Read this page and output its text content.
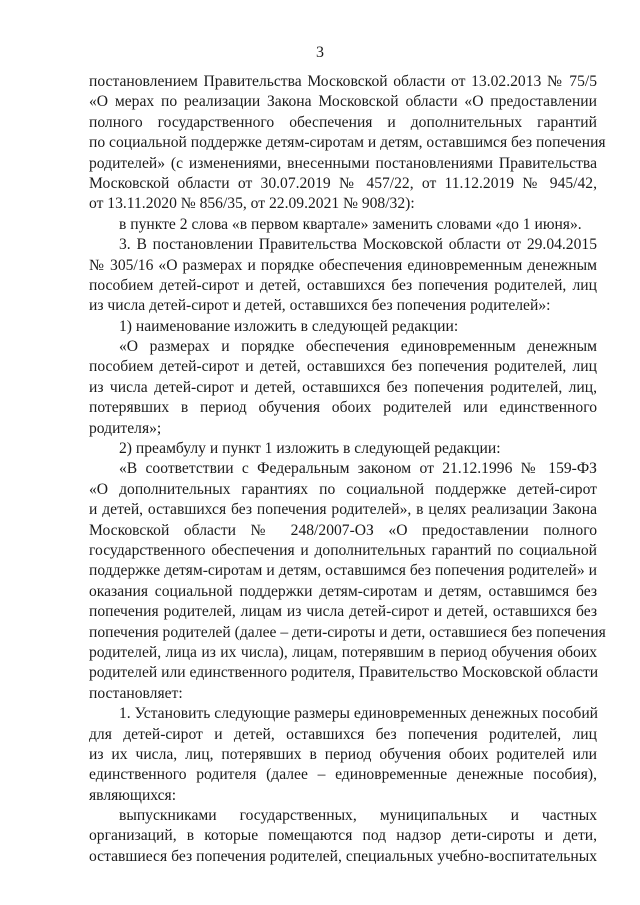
3
постановлением Правительства Московской области от 13.02.2013 № 75/5
«О мерах по реализации Закона Московской области «О предоставлении
полного государственного обеспечения и дополнительных гарантий
по социальной поддержке детям-сиротам и детям, оставшимся без попечения
родителей» (с изменениями, внесенными постановлениями Правительства
Московской области от 30.07.2019 № 457/22, от 11.12.2019 № 945/42,
от 13.11.2020 № 856/35, от 22.09.2021 № 908/32):
в пункте 2 слова «в первом квартале» заменить словами «до 1 июня».
3. В постановлении Правительства Московской области от 29.04.2015
№ 305/16 «О размерах и порядке обеспечения единовременным денежным
пособием детей-сирот и детей, оставшихся без попечения родителей, лиц
из числа детей-сирот и детей, оставшихся без попечения родителей»:
1) наименование изложить в следующей редакции:
«О размерах и порядке обеспечения единовременным денежным
пособием детей-сирот и детей, оставшихся без попечения родителей, лиц
из числа детей-сирот и детей, оставшихся без попечения родителей, лиц,
потерявших в период обучения обоих родителей или единственного
родителя»;
2) преамбулу и пункт 1 изложить в следующей редакции:
«В соответствии с Федеральным законом от 21.12.1996 № 159-ФЗ
«О дополнительных гарантиях по социальной поддержке детей-сирот
и детей, оставшихся без попечения родителей», в целях реализации Закона
Московской области № 248/2007-ОЗ «О предоставлении полного
государственного обеспечения и дополнительных гарантий по социальной
поддержке детям-сиротам и детям, оставшимся без попечения родителей» и
оказания социальной поддержки детям-сиротам и детям, оставшимся без
попечения родителей, лицам из числа детей-сирот и детей, оставшихся без
попечения родителей (далее – дети-сироты и дети, оставшиеся без попечения
родителей, лица из их числа), лицам, потерявшим в период обучения обоих
родителей или единственного родителя, Правительство Московской области
постановляет:
1. Установить следующие размеры единовременных денежных пособий
для детей-сирот и детей, оставшихся без попечения родителей, лиц
из их числа, лиц, потерявших в период обучения обоих родителей или
единственного родителя (далее – единовременные денежные пособия),
являющихся:
выпускниками государственных, муниципальных и частных
организаций, в которые помещаются под надзор дети-сироты и дети,
оставшиеся без попечения родителей, специальных учебно-воспитательных
